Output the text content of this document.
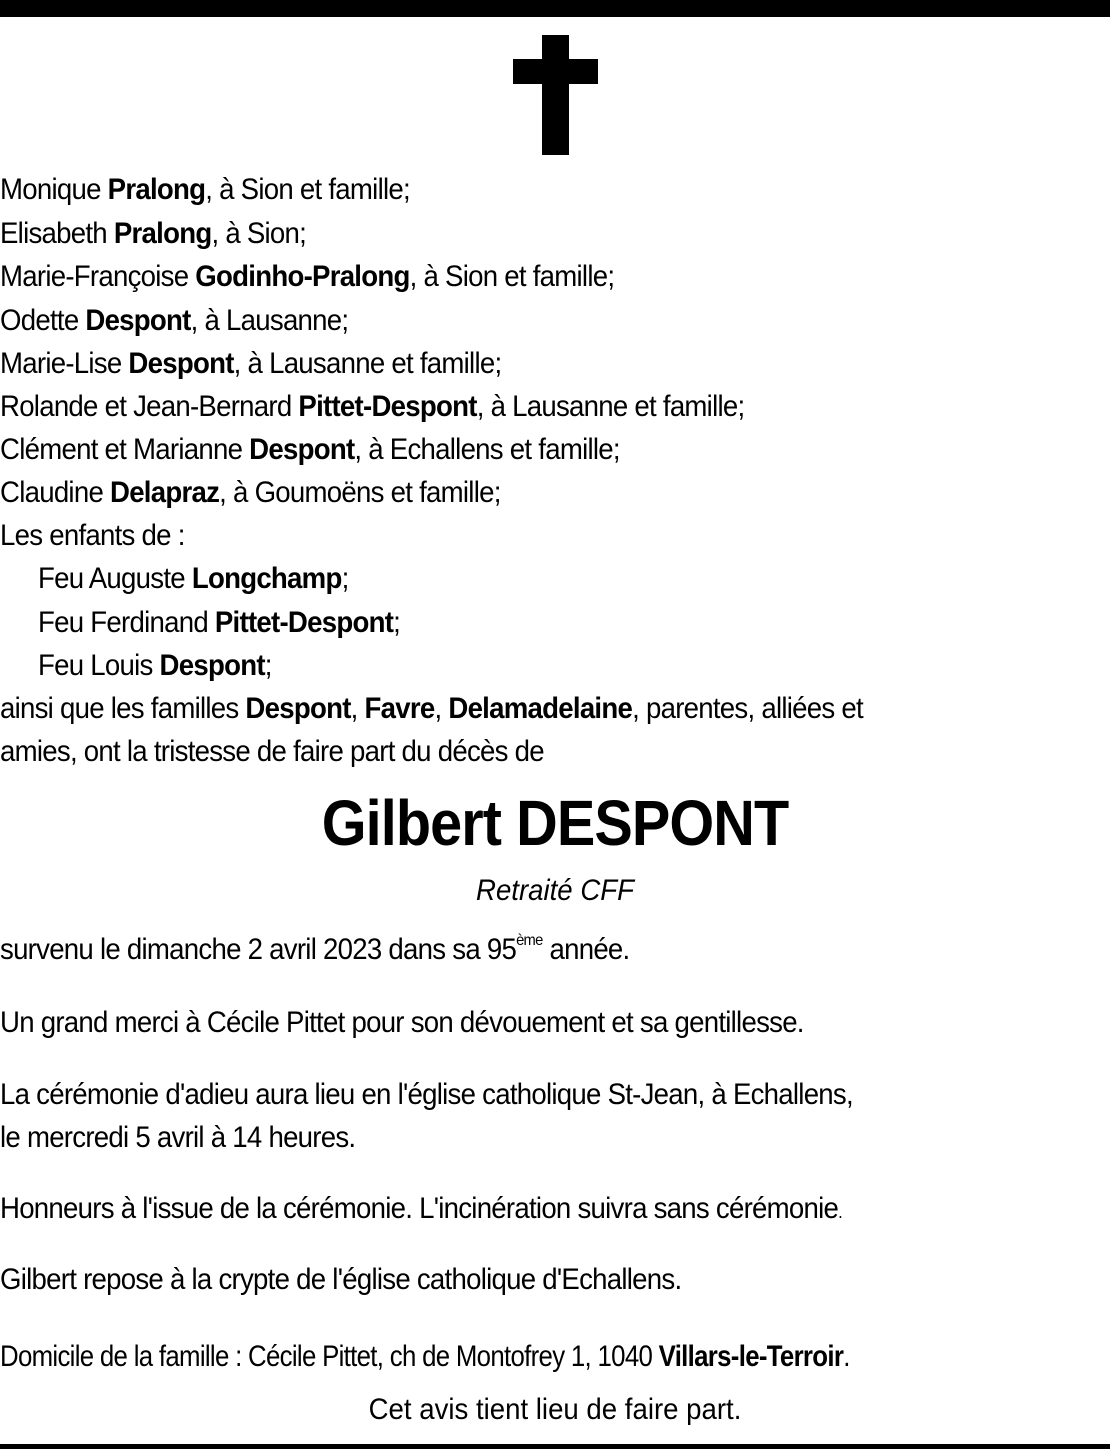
Monique Pralong, à Sion et famille;
Elisabeth Pralong, à Sion;
Marie-Françoise Godinho-Pralong, à Sion et famille;
Odette Despont, à Lausanne;
Marie-Lise Despont, à Lausanne et famille;
Rolande et Jean-Bernard Pittet-Despont, à Lausanne et famille;
Clément et Marianne Despont, à Echallens et famille;
Claudine Delapraz, à Goumoëns et famille;
Les enfants de :
Feu Auguste Longchamp;
Feu Ferdinand Pittet-Despont;
Feu Louis Despont;
ainsi que les familles Despont, Favre, Delamadelaine, parentes, alliées et
amies, ont la tristesse de faire part du décès de
Gilbert DESPONT
Retraité CFF
survenu le dimanche 2 avril 2023 dans sa 95ème année.
Un grand merci à Cécile Pittet pour son dévouement et sa gentillesse.
La cérémonie d'adieu aura lieu en l'église catholique St-Jean, à Echallens,
le mercredi 5 avril à 14 heures.
Honneurs à l'issue de la cérémonie. L'incinération suivra sans cérémonie.
Gilbert repose à la crypte de l'église catholique d'Echallens.
Domicile de la famille : Cécile Pittet, ch de Montofrey 1, 1040 Villars-le-Terroir.
Cet avis tient lieu de faire part.
